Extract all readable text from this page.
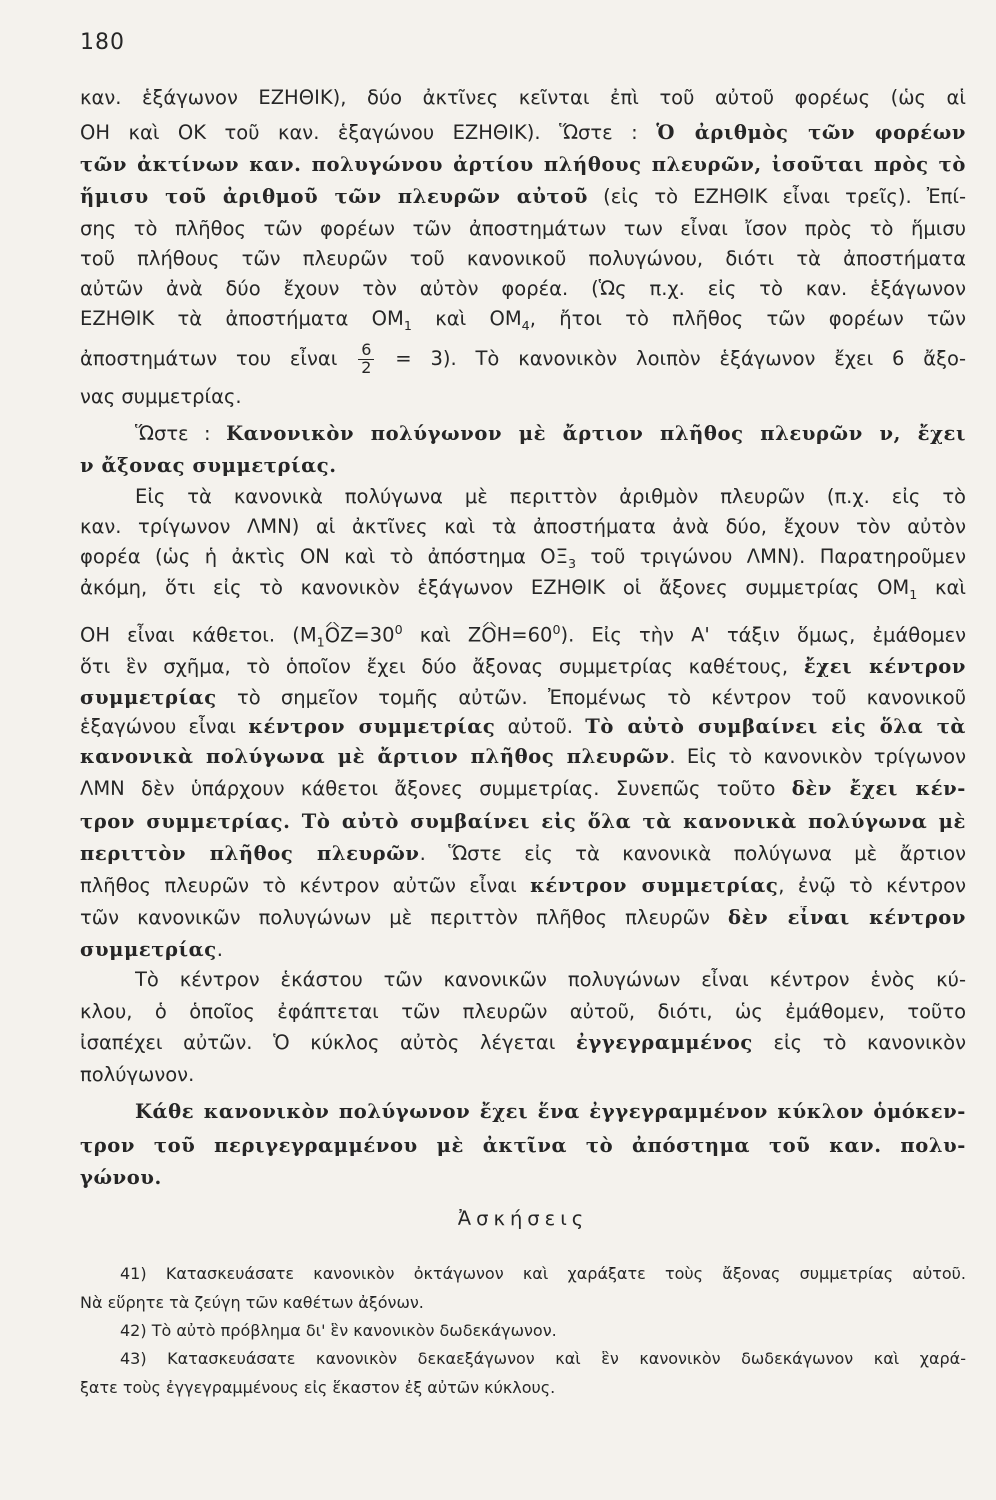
180
καν. ἑξάγωνον ΕΖΗΘΙΚ), δύο ἀκτῖνες κεῖνται ἐπὶ τοῦ αὐτοῦ φορέως (ὡς αἱ
ΟΗ καὶ ΟΚ τοῦ καν. ἑξαγώνου ΕΖΗΘΙΚ). Ὥστε : Ὁ ἀριθμὸς τῶν φορέων
τῶν ἀκτίνων καν. πολυγώνου ἀρτίου πλήθους πλευρῶν, ἰσοῦται πρὸς τὸ
ἥμισυ τοῦ ἀριθμοῦ τῶν πλευρῶν αὐτοῦ (εἰς τὸ ΕΖΗΘΙΚ εἶναι τρεῖς). Ἐπί-
σης τὸ πλῆθος τῶν φορέων τῶν ἀποστημάτων των εἶναι ἴσον πρὸς τὸ ἥμισυ
τοῦ πλήθους τῶν πλευρῶν τοῦ κανονικοῦ πολυγώνου, διότι τὰ ἀποστήματα
αὐτῶν ἀνὰ δύο ἔχουν τὸν αὐτὸν φορέα. (Ὡς π.χ. εἰς τὸ καν. ἑξάγωνον
ΕΖΗΘΙΚ τὰ ἀποστήματα $OM_1$ καὶ $OM_4$, ἤτοι τὸ πλῆθος τῶν φορέων τῶν
ἀποστημάτων του εἶναι $\frac{6}{2} = 3$). Τὸ κανονικὸν λοιπὸν ἑξάγωνον ἔχει 6 ἄξο-
νας συμμετρίας.
Ὥστε : Κανονικὸν πολύγωνον μὲ ἄρτιον πλῆθος πλευρῶν ν, ἔχει
ν ἄξονας συμμετρίας.
Εἰς τὰ κανονικὰ πολύγωνα μὲ περιττὸν ἀριθμὸν πλευρῶν (π.χ. εἰς τὸ
καν. τρίγωνον ΛΜΝ) αἱ ἀκτῖνες καὶ τὰ ἀποστήματα ἀνὰ δύο, ἔχουν τὸν αὐτὸν
φορέα (ὡς ἡ ἀκτὶς ΟΝ καὶ τὸ ἀπόστημα $O\Xi_3$ τοῦ τριγώνου ΛΜΝ). Παρατηροῦμεν
ἀκόμη, ὅτι εἰς τὸ κανονικὸν ἑξάγωνον ΕΖΗΘΙΚ οἱ ἄξονες συμμετρίας $OM_1$ καὶ
ΟΗ εἶναι κάθετοι. ($M_1OZ=30^0$ καὶ $ZOH=60^0$). Εἰς τὴν Α' τάξιν ὅμως, ἐμάθομεν
ὅτι ἓν σχῆμα, τὸ ὁποῖον ἔχει δύο ἄξονας συμμετρίας καθέτους, ἔχει κέντρον
συμμετρίας τὸ σημεῖον τομῆς αὐτῶν. Ἐπομένως τὸ κέντρον τοῦ κανονικοῦ
ἑξαγώνου εἶναι κέντρον συμμετρίας αὐτοῦ. Τὸ αὐτὸ συμβαίνει εἰς ὅλα τὰ
κανονικὰ πολύγωνα μὲ ἄρτιον πλῆθος πλευρῶν. Εἰς τὸ κανονικὸν τρίγωνον
ΛΜΝ δὲν ὑπάρχουν κάθετοι ἄξονες συμμετρίας. Συνεπῶς τοῦτο δὲν ἔχει κέν-
τρον συμμετρίας. Τὸ αὐτὸ συμβαίνει εἰς ὅλα τὰ κανονικὰ πολύγωνα μὲ
περιττὸν πλῆθος πλευρῶν. Ὥστε εἰς τὰ κανονικὰ πολύγωνα μὲ ἄρτιον
πλῆθος πλευρῶν τὸ κέντρον αὐτῶν εἶναι κέντρον συμμετρίας, ἐνῷ τὸ κέντρον
τῶν κανονικῶν πολυγώνων μὲ περιττὸν πλῆθος πλευρῶν δὲν εἶναι κέντρον
συμμετρίας.
Τὸ κέντρον ἑκάστου τῶν κανονικῶν πολυγώνων εἶναι κέντρον ἑνὸς κύ-
κλου, ὁ ὁποῖος ἐφάπτεται τῶν πλευρῶν αὐτοῦ, διότι, ὡς ἐμάθομεν, τοῦτο
ἰσαπέχει αὐτῶν. Ὁ κύκλος αὐτὸς λέγεται ἐγγεγραμμένος εἰς τὸ κανονικὸν
πολύγωνον.
Κάθε κανονικὸν πολύγωνον ἔχει ἕνα ἐγγεγραμμένον κύκλον ὁμόκεν-
τρον τοῦ περιγεγραμμένου μὲ ἀκτῖνα τὸ ἀπόστημα τοῦ καν. πολυ-
γώνου.
Ἀσκήσεις
41) Κατασκευάσατε κανονικὸν ὀκτάγωνον καὶ χαράξατε τοὺς ἄξονας συμμετρίας αὐτοῦ.
Νὰ εὕρητε τὰ ζεύγη τῶν καθέτων ἀξόνων.
42) Τὸ αὐτὸ πρόβλημα δι' ἓν κανονικὸν δωδεκάγωνον.
43) Κατασκευάσατε κανονικὸν δεκαεξάγωνον καὶ ἓν κανονικὸν δωδεκάγωνον καὶ χαρά-
ξατε τοὺς ἐγγεγραμμένους εἰς ἕκαστον ἐξ αὐτῶν κύκλους.
